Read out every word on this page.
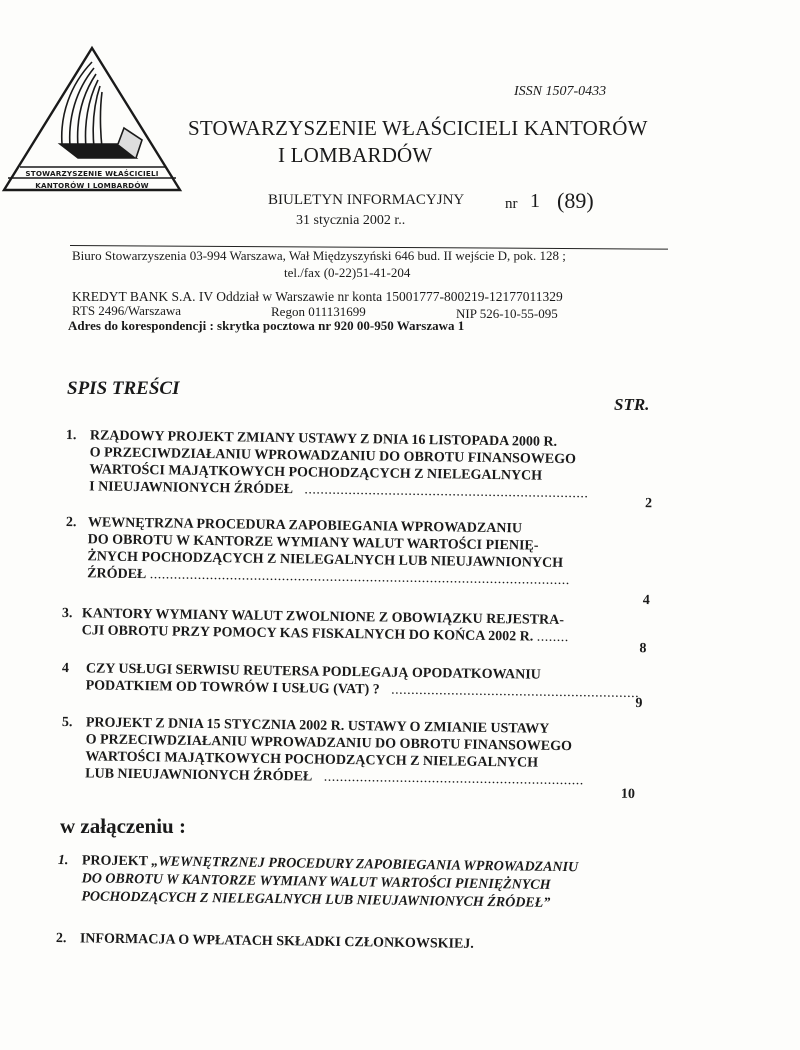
STOWARZYSZENIE WŁAŚCICIELI
KANTORÓW I LOMBARDÓW
ISSN 1507-0433
STOWARZYSZENIE WŁAŚCICIELI KANTORÓW
I LOMBARDÓW
BIULETYN INFORMACYJNY	nr 1 (89)
31 stycznia 2002 r..
Biuro Stowarzyszenia 03-994 Warszawa, Wał Międzyszyński 646 bud. II wejście D, pok. 128 ;
tel./fax (0-22)51-41-204
KREDYT BANK S.A. IV Oddział w Warszawie nr konta 15001777-800219-12177011329
RTS 2496/Warszawa	Regon 011131699	NIP 526-10-55-095
Adres do korespondencji : skrytka pocztowa nr 920 00-950 Warszawa 1
SPIS TREŚCI
STR.
1. RZĄDOWY PROJEKT ZMIANY USTAWY Z DNIA 16 LISTOPADA 2000 R.
O PRZECIWDZIAŁANIU WPROWADZANIU DO OBROTU FINANSOWEGO
WARTOŚCI MAJĄTKOWYCH POCHODZĄCYCH Z NIELEGALNYCH
I NIEUJAWNIONYCH ŹRÓDEŁ   .......................................................................
2
2. WEWNĘTRZNA PROCEDURA ZAPOBIEGANIA WPROWADZANIU
DO OBROTU W KANTORZE WYMIANY WALUT WARTOŚCI PIENIĘ-
ŻNYCH POCHODZĄCYCH Z NIELEGALNYCH LUB NIEUJAWNIONYCH
ŹRÓDEŁ .........................................................................................................
4
3. KANTORY WYMIANY WALUT ZWOLNIONE Z OBOWIĄZKU REJESTRA-
CJI OBROTU PRZY POMOCY KAS FISKALNYCH DO KOŃCA 2002 R. ........
8
4 CZY USŁUGI SERWISU REUTERSA PODLEGAJĄ OPODATKOWANIU
PODATKIEM OD TOWRÓW I USŁUG (VAT) ?   ..............................................................
9
5. PROJEKT Z DNIA 15 STYCZNIA 2002 R. USTAWY O ZMIANIE USTAWY
O PRZECIWDZIAŁANIU WPROWADZANIU DO OBROTU FINANSOWEGO
WARTOŚCI MAJĄTKOWYCH POCHODZĄCYCH Z NIELEGALNYCH
LUB NIEUJAWNIONYCH ŹRÓDEŁ   .................................................................
10
w załączeniu :
1. PROJEKT „WEWNĘTRZNEJ PROCEDURY ZAPOBIEGANIA WPROWADZANIU
DO OBROTU W KANTORZE WYMIANY WALUT WARTOŚCI PIENIĘŻNYCH
POCHODZĄCYCH Z NIELEGALNYCH LUB NIEUJAWNIONYCH ŹRÓDEŁ”
2. INFORMACJA O WPŁATACH SKŁADKI CZŁONKOWSKIEJ.
